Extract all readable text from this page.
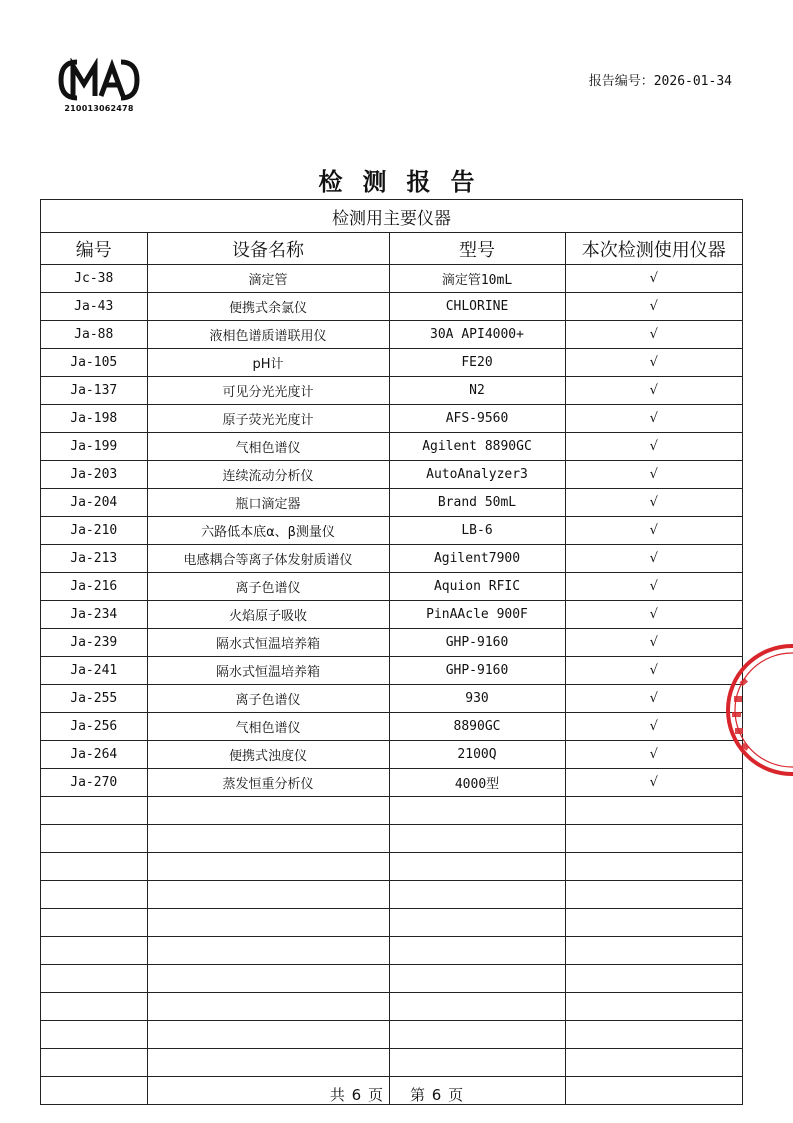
210013062478
报告编号：2026-01-34
检测报告
检测用主要仪器			
编号	设备名称	型号	本次检测使用仪器
Jc-38	滴定管	滴定管10mL	√
Ja-43	便携式余氯仪	CHLORINE	√
Ja-88	液相色谱质谱联用仪	30A API4000+	√
Ja-105	pH计	FE20	√
Ja-137	可见分光光度计	N2	√
Ja-198	原子荧光光度计	AFS-9560	√
Ja-199	气相色谱仪	Agilent 8890GC	√
Ja-203	连续流动分析仪	AutoAnalyzer3	√
Ja-204	瓶口滴定器	Brand 50mL	√
Ja-210	六路低本底α、β测量仪	LB-6	√
Ja-213	电感耦合等离子体发射质谱仪	Agilent7900	√
Ja-216	离子色谱仪	Aquion RFIC	√
Ja-234	火焰原子吸收	PinAAcle 900F	√
Ja-239	隔水式恒温培养箱	GHP-9160	√
Ja-241	隔水式恒温培养箱	GHP-9160	√
Ja-255	离子色谱仪	930	√
Ja-256	气相色谱仪	8890GC	√
Ja-264	便携式浊度仪	2100Q	√
Ja-270	蒸发恒重分析仪	4000型	√

共 6 页 第 6 页
